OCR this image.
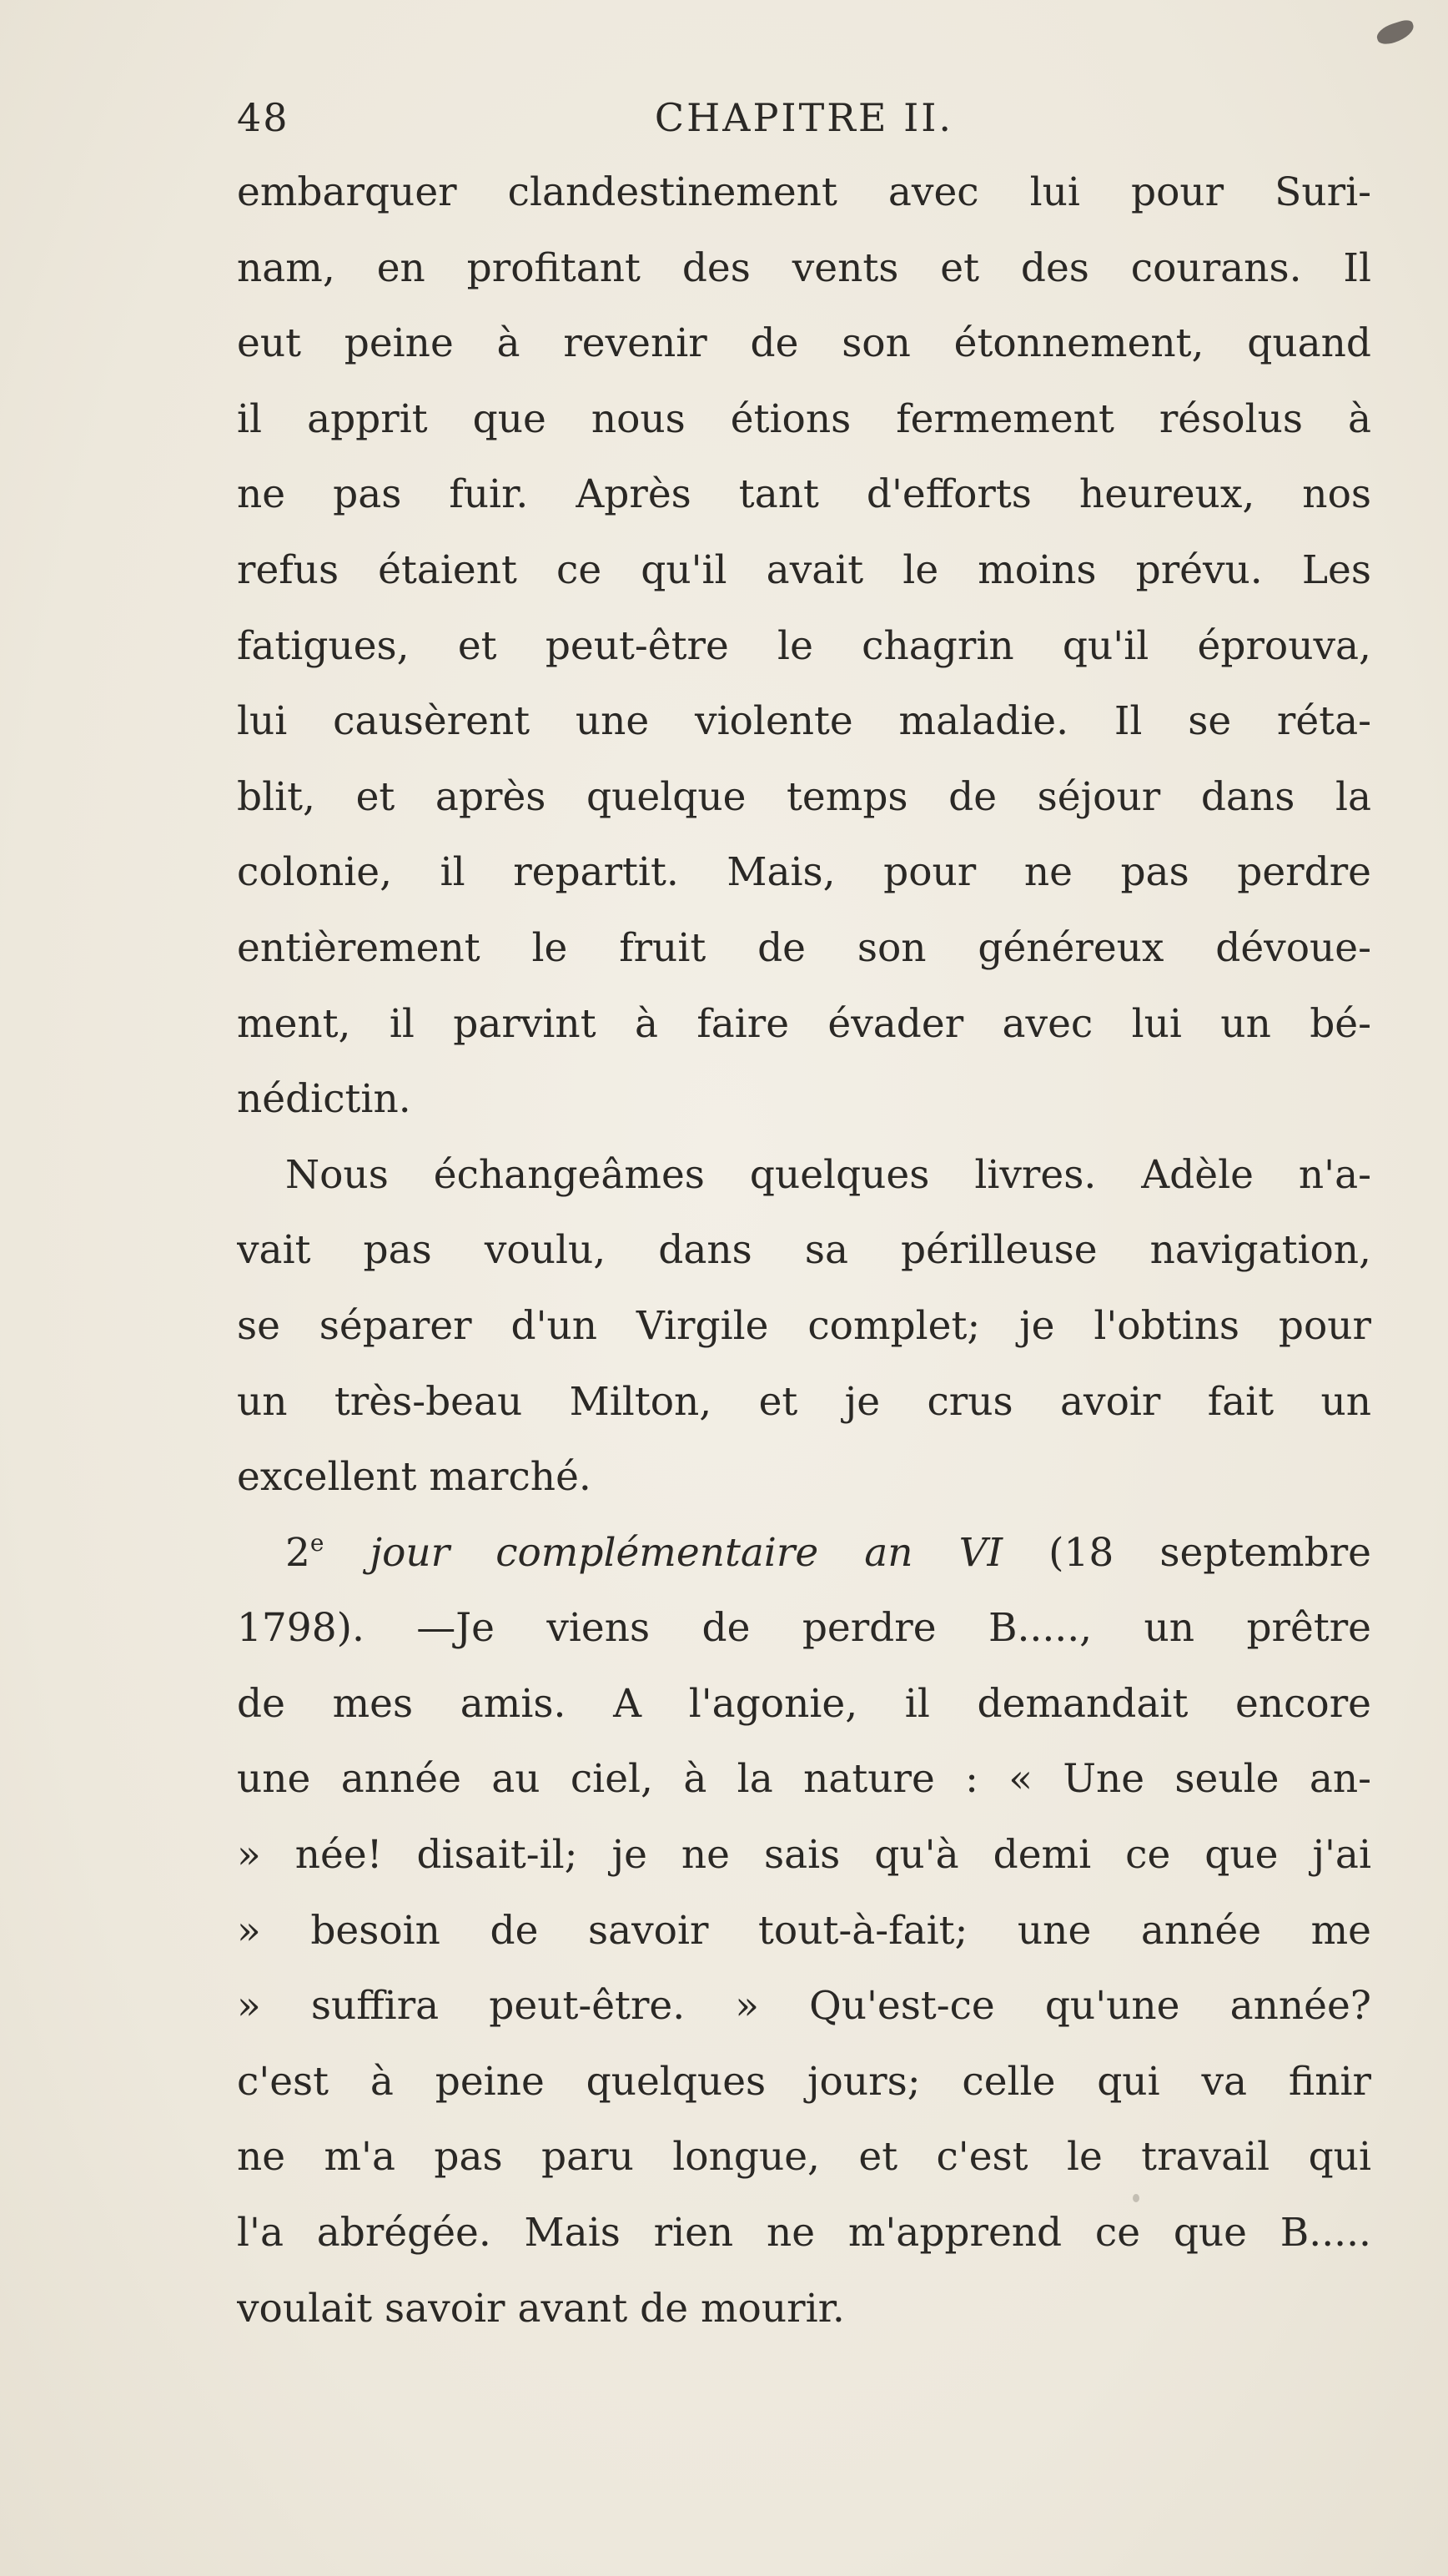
CHAPITRE II.
48
embarquer clandestinement avec lui pour Suri-
nam, en profitant des vents et des courans. Il
eut peine à revenir de son étonnement, quand
il apprit que nous étions fermement résolus à
ne pas fuir. Après tant d'efforts heureux, nos
refus étaient ce qu'il avait le moins prévu. Les
fatigues, et peut-être le chagrin qu'il éprouva,
lui causèrent une violente maladie. Il se réta-
blit, et après quelque temps de séjour dans la
colonie, il repartit. Mais, pour ne pas perdre
entièrement le fruit de son généreux dévoue-
ment, il parvint à faire évader avec lui un bé-
nédictin.
Nous échangeâmes quelques livres. Adèle n'a-
vait pas voulu, dans sa périlleuse navigation,
se séparer d'un Virgile complet; je l'obtins pour
un très-beau Milton, et je crus avoir fait un
excellent marché.
2e jour complémentaire an VI (18 septembre
1798). —Je viens de perdre B....., un prêtre
de mes amis. A l'agonie, il demandait encore
une année au ciel, à la nature : « Une seule an-
» née! disait-il; je ne sais qu'à demi ce que j'ai
» besoin de savoir tout-à-fait; une année me
» suffira peut-être. » Qu'est-ce qu'une année?
c'est à peine quelques jours; celle qui va finir
ne m'a pas paru longue, et c'est le travail qui
l'a abrégée. Mais rien ne m'apprend ce que B.....
voulait savoir avant de mourir.
